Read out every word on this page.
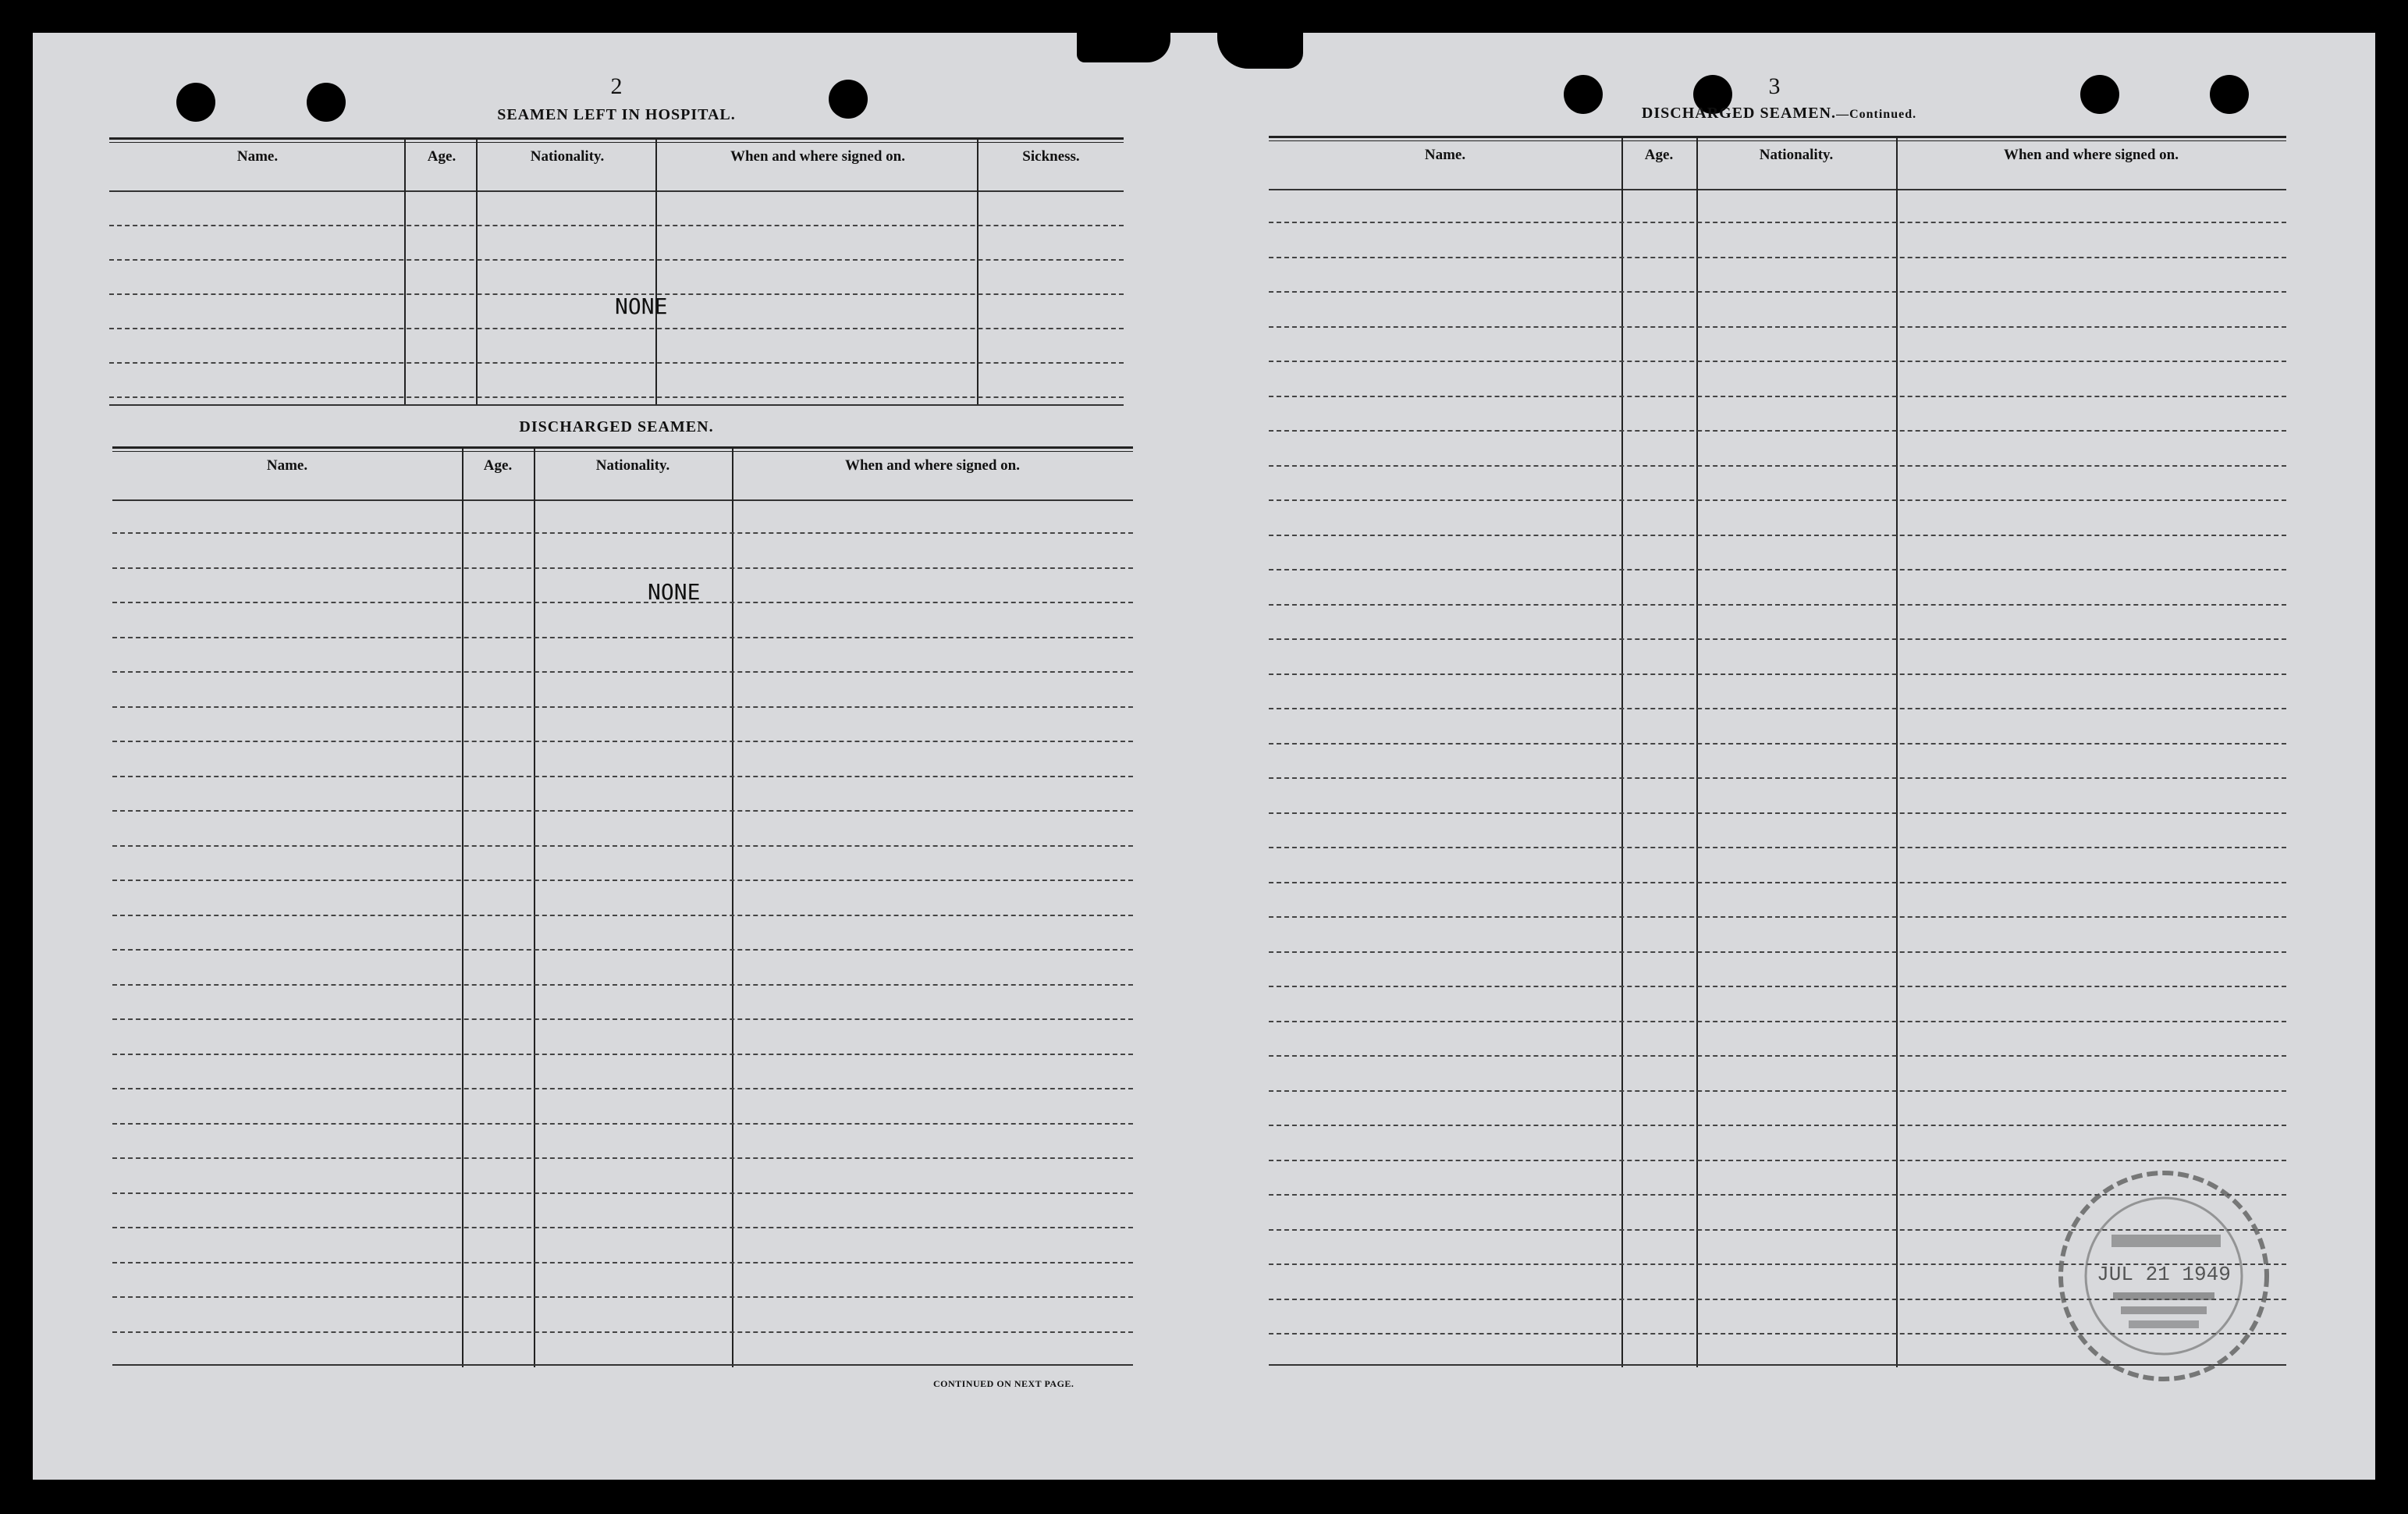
2
SEAMEN LEFT IN HOSPITAL.
Name.	Age.	Nationality.	When and where signed on.	Sickness.
NONE
DISCHARGED SEAMEN.
Name.	Age.	Nationality.	When and where signed on.
NONE
CONTINUED ON NEXT PAGE.
3
DISCHARGED SEAMEN.—Continued.
Name.	Age.	Nationality.	When and where signed on.
JUL 21 1949
